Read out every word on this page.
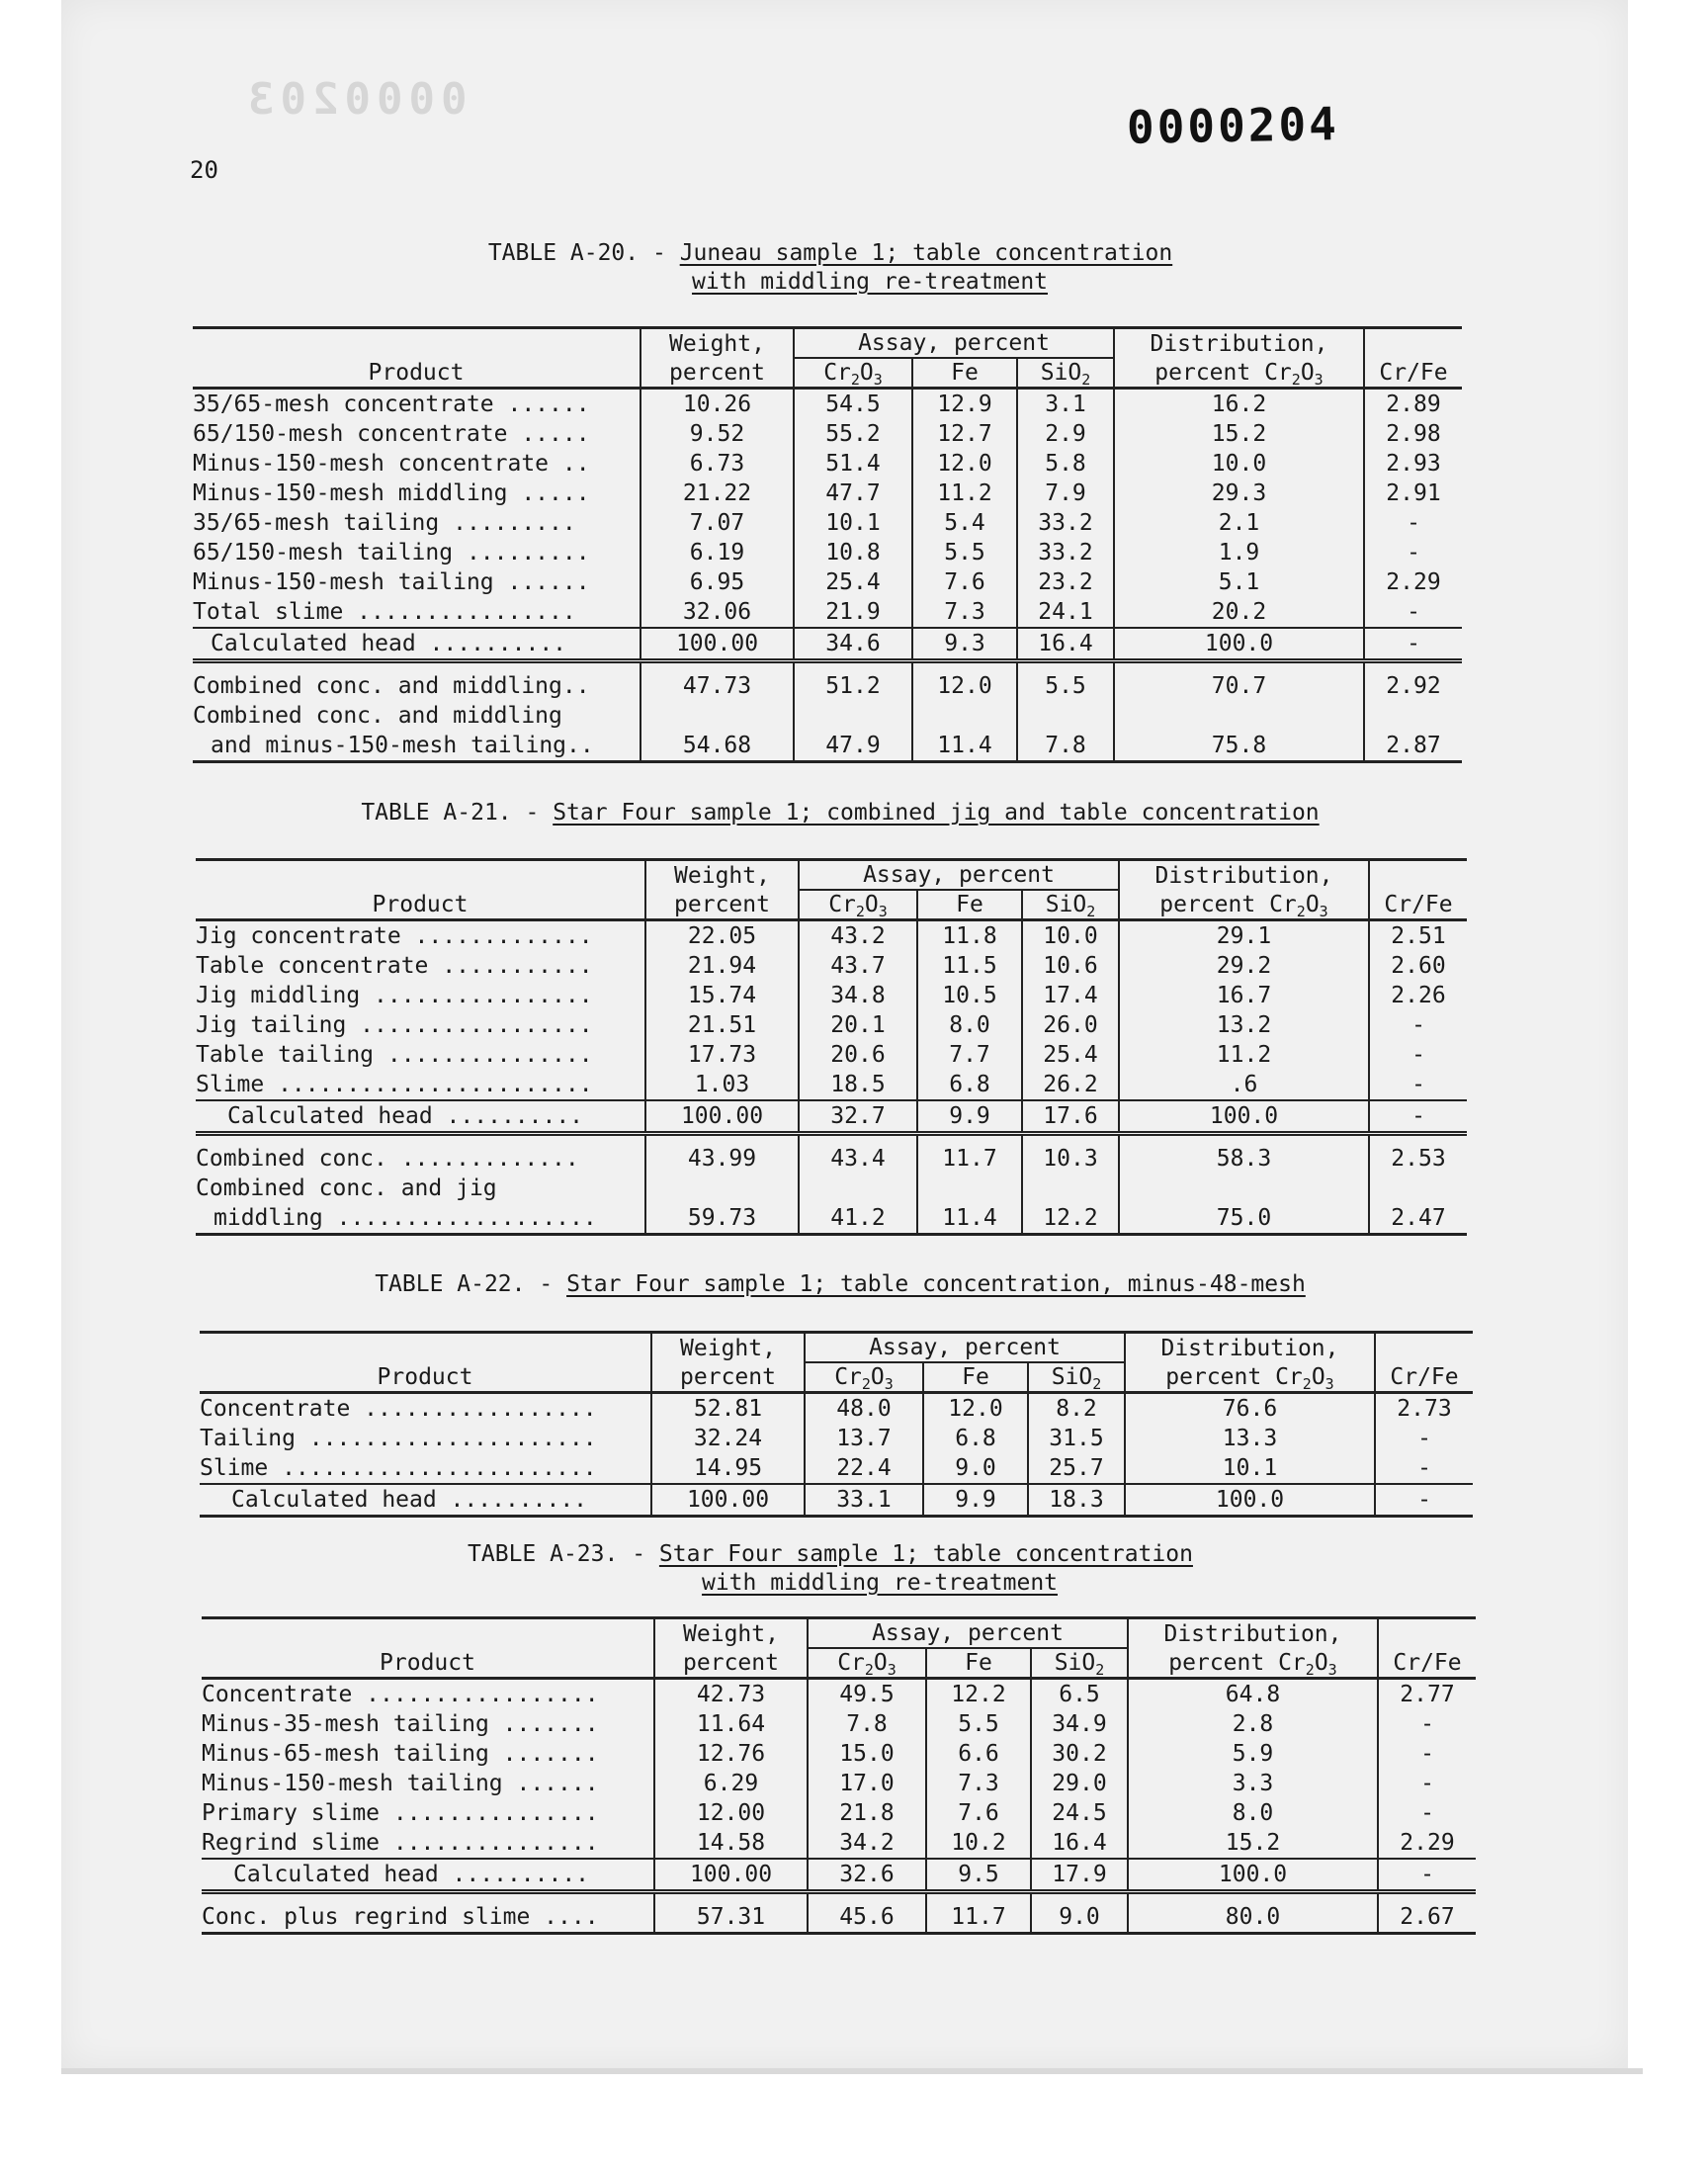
0000203	0000204
20
TABLE A-20. - Juneau sample 1; table concentration
with middling re-treatment
Product	Weight,	Assay, percent			Distribution,	Cr/Fe
	percent	$Cr_2O_3$	Fe	SiO$_2$	percent $Cr_2O_3$
35/65-mesh concentrate ......	10.26	54.5	12.9	3.1	16.2	2.89
65/150-mesh concentrate .....	9.52	55.2	12.7	2.9	15.2	2.98
Minus-150-mesh concentrate ..	6.73	51.4	12.0	5.8	10.0	2.93
Minus-150-mesh middling .....	21.22	47.7	11.2	7.9	29.3	2.91
35/65-mesh tailing .........	7.07	10.1	5.4	33.2	2.1	-
65/150-mesh tailing .........	6.19	10.8	5.5	33.2	1.9	-
Minus-150-mesh tailing ......	6.95	25.4	7.6	23.2	5.1	2.29
Total slime ................	32.06	21.9	7.3	24.1	20.2	-
Calculated head ..........	100.00	34.6	9.3	16.4	100.0	-
Combined conc. and middling..	47.73	51.2	12.0	5.5	70.7	2.92
Combined conc. and middling						
and minus-150-mesh tailing..	54.68	47.9	11.4	7.8	75.8	2.87
TABLE A-21. - Star Four sample 1; combined jig and table concentration
Product	Weight,	Assay, percent			Distribution,	Cr/Fe
	percent	$Cr_2O_3$	Fe	SiO$_2$	percent $Cr_2O_3$
Jig concentrate .............	22.05	43.2	11.8	10.0	29.1	2.51
Table concentrate ...........	21.94	43.7	11.5	10.6	29.2	2.60
Jig middling ................	15.74	34.8	10.5	17.4	16.7	2.26
Jig tailing .................	21.51	20.1	8.0	26.0	13.2	-
Table tailing ...............	17.73	20.6	7.7	25.4	11.2	-
Slime .......................	1.03	18.5	6.8	26.2	.6	-
Calculated head ..........	100.00	32.7	9.9	17.6	100.0	-
Combined conc. .............	43.99	43.4	11.7	10.3	58.3	2.53
Combined conc. and jig						
middling ...................	59.73	41.2	11.4	12.2	75.0	2.47
TABLE A-22. - Star Four sample 1; table concentration, minus-48-mesh
Product	Weight,	Assay, percent			Distribution,	Cr/Fe
	percent	$Cr_2O_3$	Fe	SiO$_2$	percent $Cr_2O_3$
Concentrate .................	52.81	48.0	12.0	8.2	76.6	2.73
Tailing .....................	32.24	13.7	6.8	31.5	13.3	-
Slime .......................	14.95	22.4	9.0	25.7	10.1	-
Calculated head ..........	100.00	33.1	9.9	18.3	100.0	-
TABLE A-23. - Star Four sample 1; table concentration
with middling re-treatment
Product	Weight,	Assay, percent			Distribution,	Cr/Fe
	percent	$Cr_2O_3$	Fe	SiO$_2$	percent $Cr_2O_3$
Concentrate .................	42.73	49.5	12.2	6.5	64.8	2.77
Minus-35-mesh tailing .......	11.64	7.8	5.5	34.9	2.8	-
Minus-65-mesh tailing .......	12.76	15.0	6.6	30.2	5.9	-
Minus-150-mesh tailing ......	6.29	17.0	7.3	29.0	3.3	-
Primary slime ...............	12.00	21.8	7.6	24.5	8.0	-
Regrind slime ...............	14.58	34.2	10.2	16.4	15.2	2.29
Calculated head ..........	100.00	32.6	9.5	17.9	100.0	-
Conc. plus regrind slime ....	57.31	45.6	11.7	9.0	80.0	2.67
